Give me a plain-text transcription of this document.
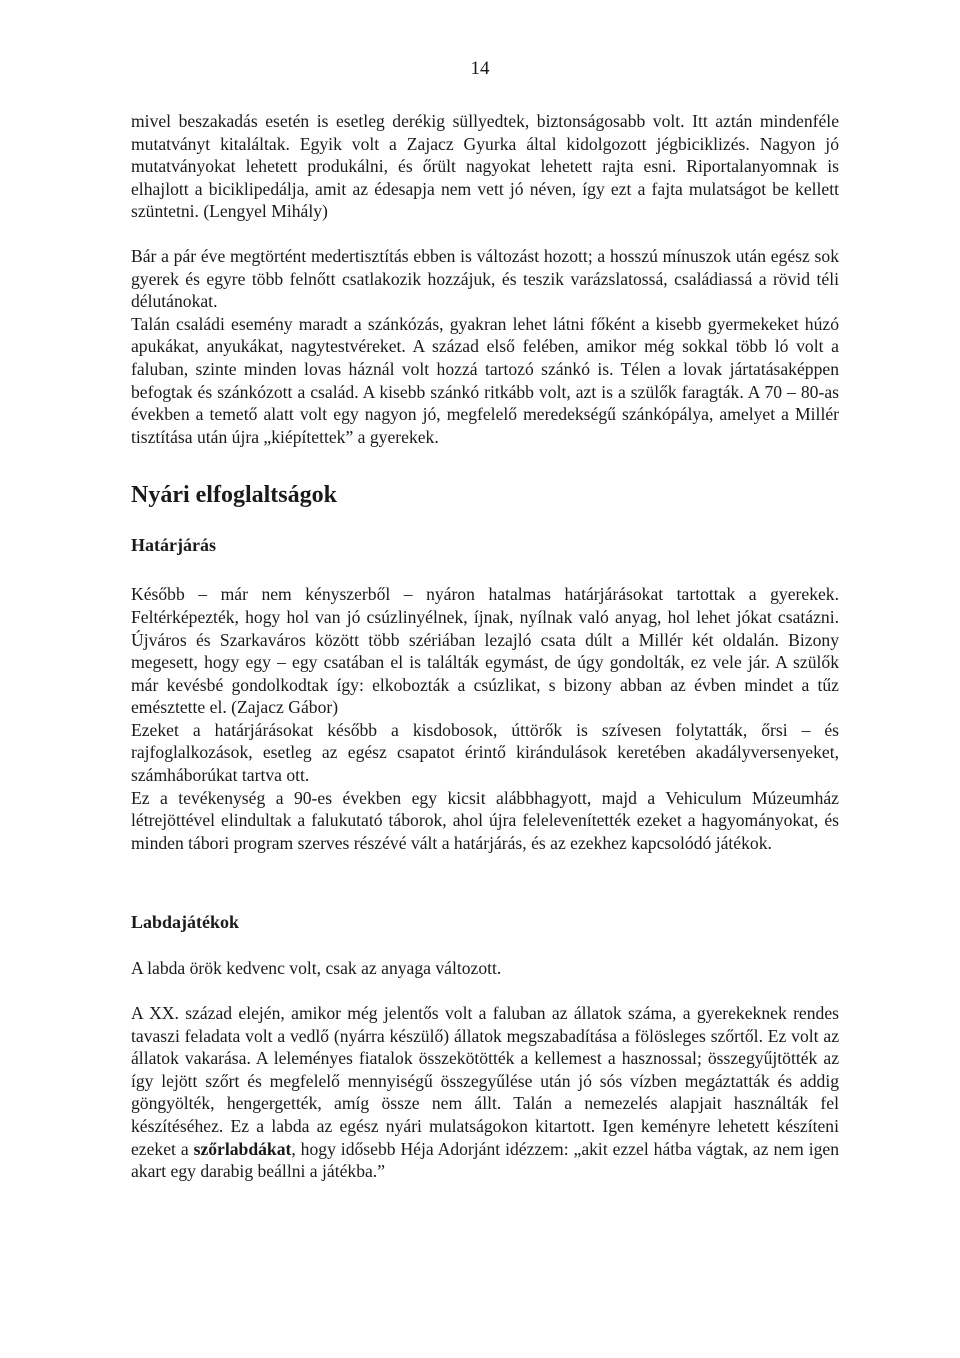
14

mivel beszakadás esetén is esetleg derékig süllyedtek, biztonságosabb volt. Itt aztán mindenféle mutatványt kitaláltak. Egyik volt a Zajacz Gyurka által kidolgozott jégbiciklizés. Nagyon jó mutatványokat lehetett produkálni, és őrült nagyokat lehetett rajta esni. Riportalanyomnak is elhajlott a biciklipedálja, amit az édesapja nem vett jó néven, így ezt a fajta mulatságot be kellett szüntetni. (Lengyel Mihály)

Bár a pár éve megtörtént medertisztítás ebben is változást hozott; a hosszú mínuszok után egész sok gyerek és egyre több felnőtt csatlakozik hozzájuk, és teszik varázslatossá, családiassá a rövid téli délutánokat.

Talán családi esemény maradt a szánkózás, gyakran lehet látni főként a kisebb gyermekeket húzó apukákat, anyukákat, nagytestvéreket. A század első felében, amikor még sokkal több ló volt a faluban, szinte minden lovas háznál volt hozzá tartozó szánkó is. Télen a lovak jártatásaképpen befogtak és szánkózott a család. A kisebb szánkó ritkább volt, azt is a szülők faragták. A 70 – 80-as években a temető alatt volt egy nagyon jó, megfelelő meredekségű szánkópálya, amelyet a Millér tisztítása után újra „kiépítettek” a gyerekek.

Nyári elfoglaltságok
Határjárás

Később – már nem kényszerből – nyáron hatalmas határjárásokat tartottak a gyerekek. Feltérképezték, hogy hol van jó csúzlinyélnek, íjnak, nyílnak való anyag, hol lehet jókat csatázni. Újváros és Szarkaváros között több szériában lezajló csata dúlt a Millér két oldalán. Bizony megesett, hogy egy – egy csatában el is találták egymást, de úgy gondolták, ez vele jár. A szülők már kevésbé gondolkodtak így: elkobozták a csúzlikat, s bizony abban az évben mindet a tűz emésztette el. (Zajacz Gábor)

Ezeket a határjárásokat később a kisdobosok, úttörők is szívesen folytatták, őrsi – és rajfoglalkozások, esetleg az egész csapatot érintő kirándulások keretében akadályversenyeket, számháborúkat tartva ott.

Ez a tevékenység a 90-es években egy kicsit alábbhagyott, majd a Vehiculum Múzeumház létrejöttével elindultak a falukutató táborok, ahol újra felelevenítették ezeket a hagyományokat, és minden tábori program szerves részévé vált a határjárás, és az ezekhez kapcsolódó játékok.

Labdajátékok

A labda örök kedvenc volt, csak az anyaga változott.

A XX. század elején, amikor még jelentős volt a faluban az állatok száma, a gyerekeknek rendes tavaszi feladata volt a vedlő (nyárra készülő) állatok megszabadítása a fölösleges szőrtől. Ez volt az állatok vakarása. A leleményes fiatalok összekötötték a kellemest a hasznossal; összegyűjtötték az így lejött szőrt és megfelelő mennyiségű összegyűlése után jó sós vízben megáztatták és addig göngyölték, hengergették, amíg össze nem állt. Talán a nemezelés alapjait használták fel készítéséhez. Ez a labda az egész nyári mulatságokon kitartott. Igen keményre lehetett készíteni ezeket a szőrlabdákat, hogy idősebb Héja Adorjánt idézzem: „akit ezzel hátba vágtak, az nem igen akart egy darabig beállni a játékba.”
